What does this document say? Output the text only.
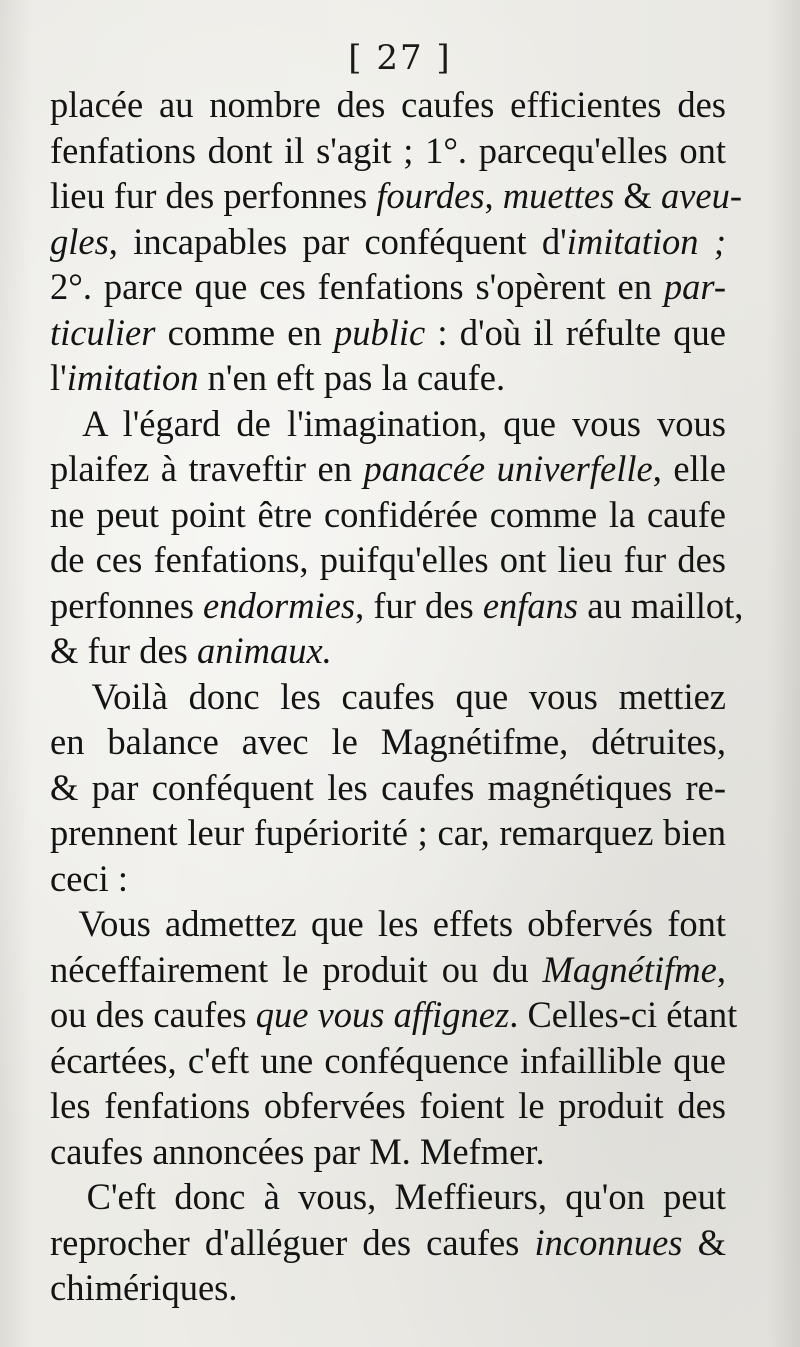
[ 27 ]
placée au nombre des caufes efficientes des
fenfations dont il s'agit ; 1°. parcequ'elles ont
lieu fur des perfonnes fourdes, muettes & aveu-
gles, incapables par conféquent d'imitation ;
2°. parce que ces fenfations s'opèrent en par-
ticulier comme en public : d'où il réfulte que
l'imitation n'en eft pas la caufe.
A l'égard de l'imagination, que vous vous
plaifez à traveftir en panacée univerfelle, elle
ne peut point être confidérée comme la caufe
de ces fenfations, puifqu'elles ont lieu fur des
perfonnes endormies, fur des enfans au maillot,
& fur des animaux.
Voilà donc les caufes que vous mettiez
en balance avec le Magnétifme, détruites,
& par conféquent les caufes magnétiques re-
prennent leur fupériorité ; car, remarquez bien
ceci :
Vous admettez que les effets obfervés font
néceffairement le produit ou du Magnétifme,
ou des caufes que vous affignez. Celles-ci étant
écartées, c'eft une conféquence infaillible que
les fenfations obfervées foient le produit des
caufes annoncées par M. Mefmer.
C'eft donc à vous, Meffieurs, qu'on peut
reprocher d'alléguer des caufes inconnues &
chimériques.
